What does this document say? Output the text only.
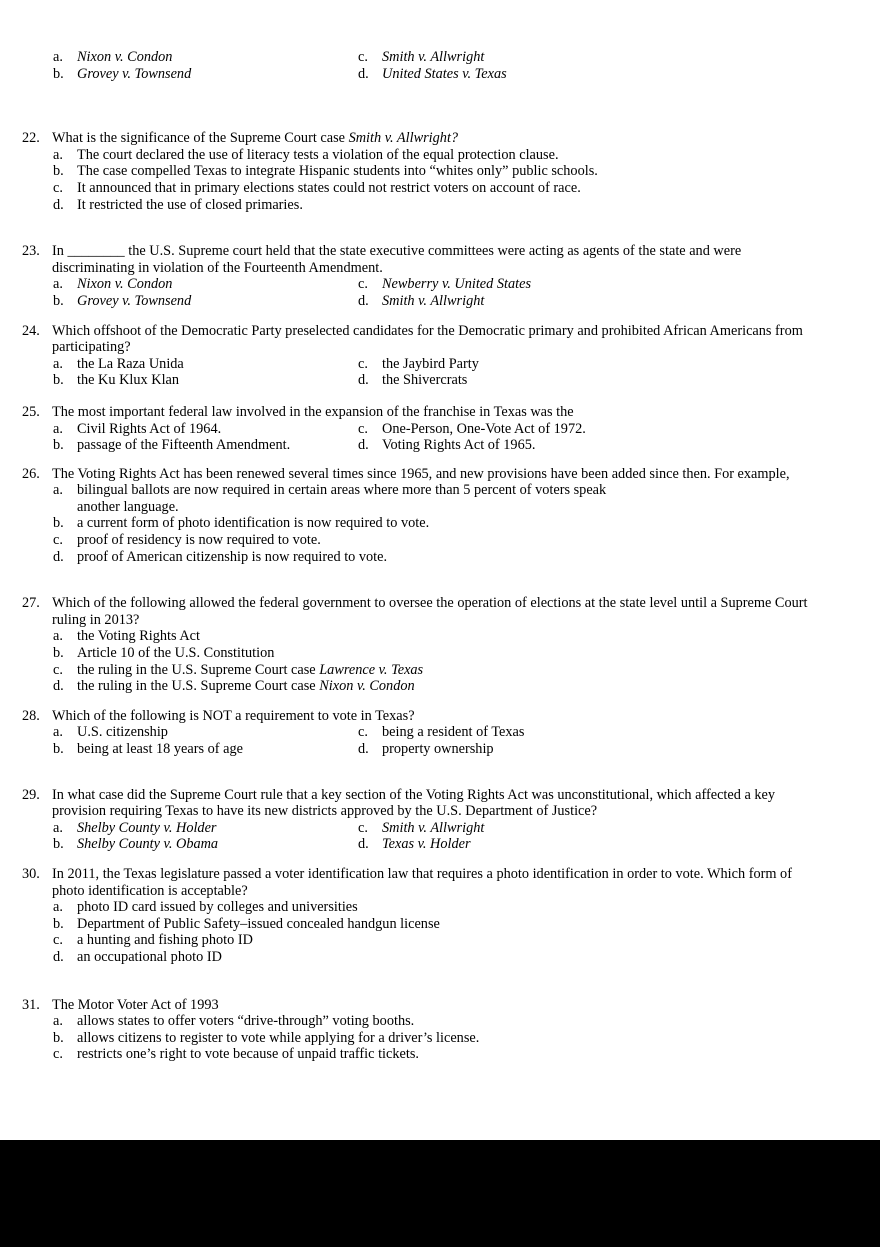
a. Nixon v. Condon
b. Grovey v. Townsend
c. Smith v. Allwright
d. United States v. Texas
22. What is the significance of the Supreme Court case Smith v. Allwright?
a. The court declared the use of literacy tests a violation of the equal protection clause.
b. The case compelled Texas to integrate Hispanic students into “whites only” public schools.
c. It announced that in primary elections states could not restrict voters on account of race.
d. It restricted the use of closed primaries.
23. In ________ the U.S. Supreme court held that the state executive committees were acting as agents of the state and were
discriminating in violation of the Fourteenth Amendment.
a. Nixon v. Condon
b. Grovey v. Townsend
c. Newberry v. United States
d. Smith v. Allwright
24. Which offshoot of the Democratic Party preselected candidates for the Democratic primary and prohibited African Americans from
participating?
a. the La Raza Unida
b. the Ku Klux Klan
c. the Jaybird Party
d. the Shivercrats
25. The most important federal law involved in the expansion of the franchise in Texas was the
a. Civil Rights Act of 1964.
b. passage of the Fifteenth Amendment.
c. One-Person, One-Vote Act of 1972.
d. Voting Rights Act of 1965.
26. The Voting Rights Act has been renewed several times since 1965, and new provisions have been added since then. For example,
a. bilingual ballots are now required in certain areas where more than 5 percent of voters speak
another language.
b. a current form of photo identification is now required to vote.
c. proof of residency is now required to vote.
d. proof of American citizenship is now required to vote.
27. Which of the following allowed the federal government to oversee the operation of elections at the state level until a Supreme Court
ruling in 2013?
a. the Voting Rights Act
b. Article 10 of the U.S. Constitution
c. the ruling in the U.S. Supreme Court case Lawrence v. Texas
d. the ruling in the U.S. Supreme Court case Nixon v. Condon
28. Which of the following is NOT a requirement to vote in Texas?
a. U.S. citizenship
b. being at least 18 years of age
c. being a resident of Texas
d. property ownership
29. In what case did the Supreme Court rule that a key section of the Voting Rights Act was unconstitutional, which affected a key
provision requiring Texas to have its new districts approved by the U.S. Department of Justice?
a. Shelby County v. Holder
b. Shelby County v. Obama
c. Smith v. Allwright
d. Texas v. Holder
30. In 2011, the Texas legislature passed a voter identification law that requires a photo identification in order to vote. Which form of
photo identification is acceptable?
a. photo ID card issued by colleges and universities
b. Department of Public Safety–issued concealed handgun license
c. a hunting and fishing photo ID
d. an occupational photo ID
31. The Motor Voter Act of 1993
a. allows states to offer voters “drive-through” voting booths.
b. allows citizens to register to vote while applying for a driver’s license.
c. restricts one’s right to vote because of unpaid traffic tickets.
